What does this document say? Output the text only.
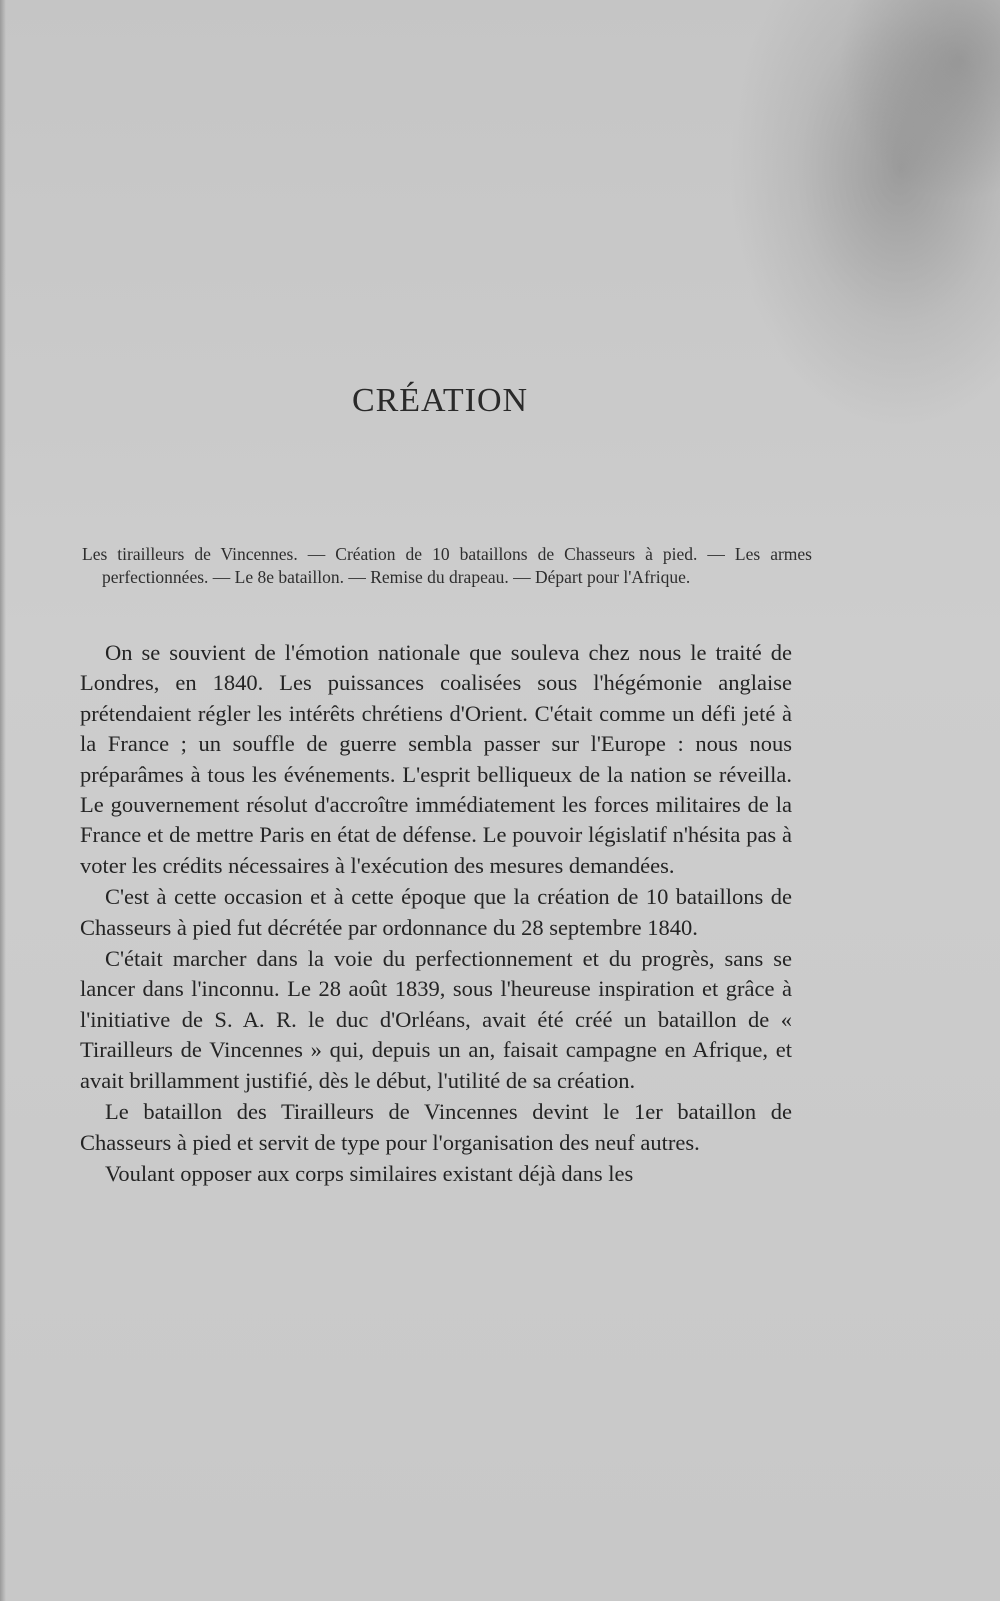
CRÉATION
Les tirailleurs de Vincennes. — Création de 10 bataillons de Chasseurs à pied. — Les armes perfectionnées. — Le 8e bataillon. — Remise du drapeau. — Départ pour l'Afrique.

On se souvient de l'émotion nationale que souleva chez nous le traité de Londres, en 1840. Les puissances coalisées sous l'hégémonie anglaise prétendaient régler les intérêts chrétiens d'Orient. C'était comme un défi jeté à la France ; un souffle de guerre sembla passer sur l'Europe : nous nous préparâmes à tous les événements. L'esprit belliqueux de la nation se réveilla. Le gouvernement résolut d'accroître immédiatement les forces militaires de la France et de mettre Paris en état de défense. Le pouvoir législatif n'hésita pas à voter les crédits nécessaires à l'exécution des mesures demandées.

C'est à cette occasion et à cette époque que la création de 10 bataillons de Chasseurs à pied fut décrétée par ordonnance du 28 septembre 1840.

C'était marcher dans la voie du perfectionnement et du progrès, sans se lancer dans l'inconnu. Le 28 août 1839, sous l'heureuse inspiration et grâce à l'initiative de S. A. R. le duc d'Orléans, avait été créé un bataillon de « Tirailleurs de Vincennes » qui, depuis un an, faisait campagne en Afrique, et avait brillamment justifié, dès le début, l'utilité de sa création.

Le bataillon des Tirailleurs de Vincennes devint le 1er bataillon de Chasseurs à pied et servit de type pour l'organisation des neuf autres.

Voulant opposer aux corps similaires existant déjà dans les
